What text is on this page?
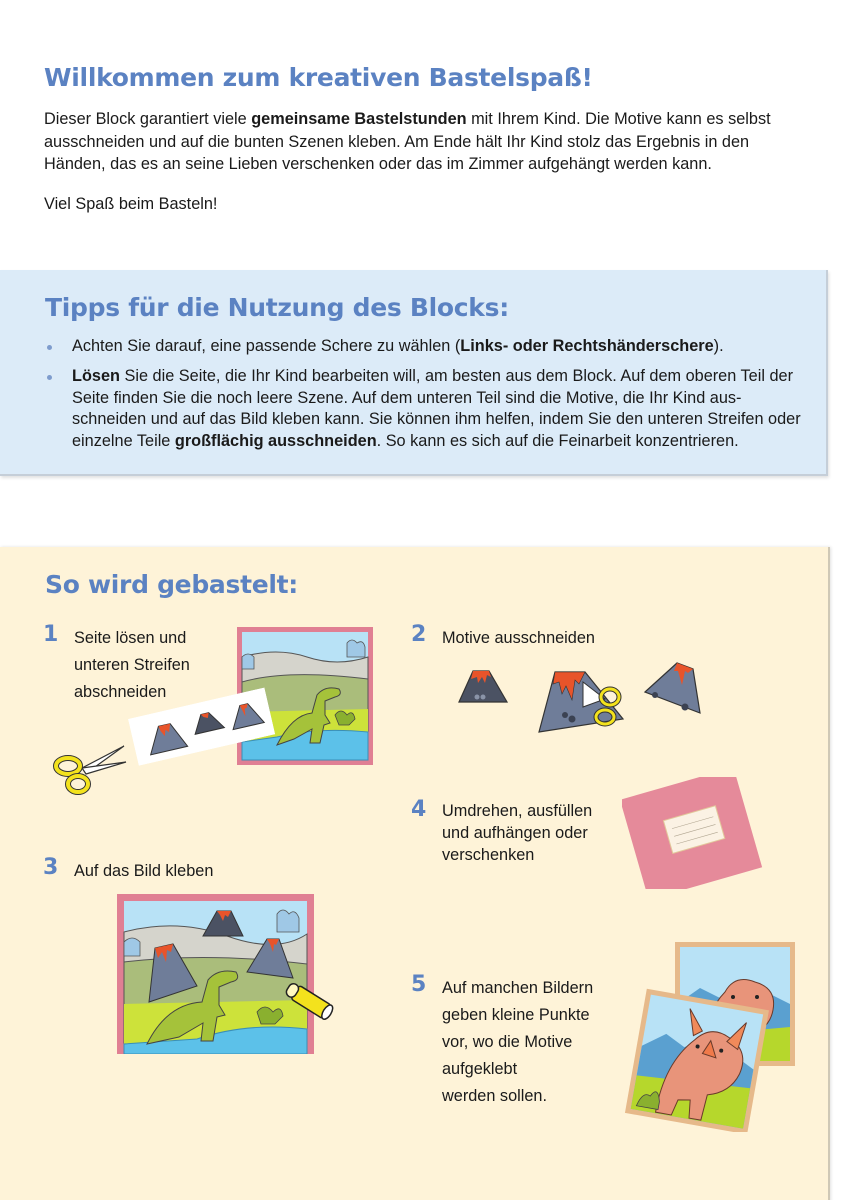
Willkommen zum kreativen Bastelspaß!

Dieser Block garantiert viele gemeinsame Bastelstunden mit Ihrem Kind. Die Motive kann es selbst ausschneiden und auf die bunten Szenen kleben. Am Ende hält Ihr Kind stolz das Ergebnis in den Händen, das es an seine Lieben verschenken oder das im Zimmer aufgehängt werden kann.

Viel Spaß beim Basteln!

Tipps für die Nutzung des Blocks:
Achten Sie darauf, eine passende Schere zu wählen (Links- oder Rechtshänderschere).
Lösen Sie die Seite, die Ihr Kind bearbeiten will, am besten aus dem Block. Auf dem oberen Teil der Seite finden Sie die noch leere Szene. Auf dem unteren Teil sind die Motive, die Ihr Kind ausschneiden und auf das Bild kleben kann. Sie können ihm helfen, indem Sie den unteren Streifen oder einzelne Teile großflächig ausschneiden. So kann es sich auf die Feinarbeit konzentrieren.
So wird gebastelt:
1 Seite lösen und
unteren Streifen
abschneiden
2 Motive ausschneiden
3 Auf das Bild kleben
4 Umdrehen, ausfüllen
und aufhängen oder
verschenken
5 Auf manchen Bildern
geben kleine Punkte
vor, wo die Motive
aufgeklebt
werden sollen.
